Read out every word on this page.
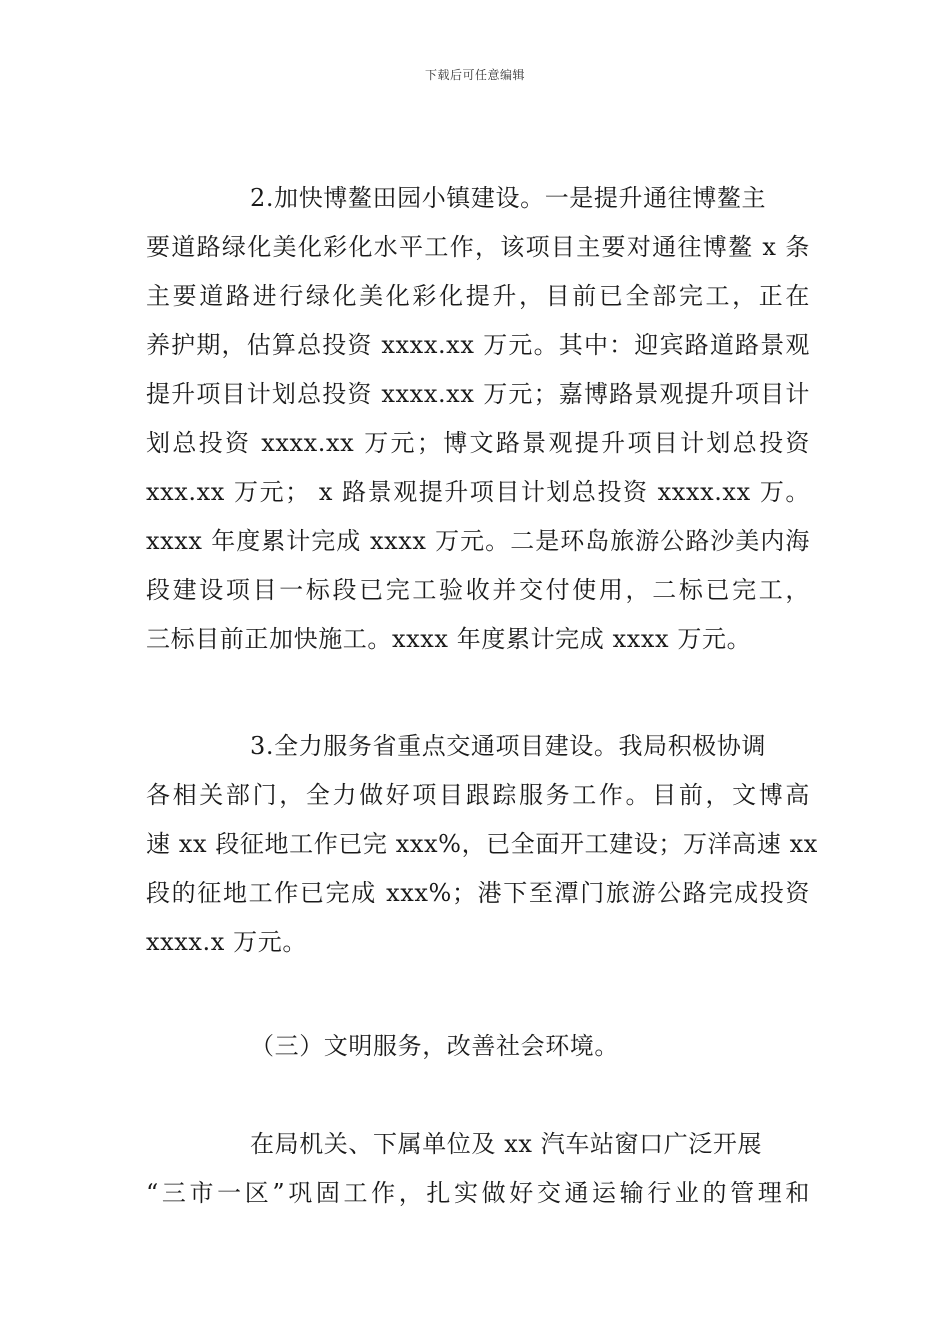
下载后可任意编辑
2.加快博鳌田园小镇建设。一是提升通往博鳌主
要道路绿化美化彩化水平工作，该项目主要对通往博鳌 x 条
主要道路进行绿化美化彩化提升，目前已全部完工，正在
养护期，估算总投资 xxxx.xx 万元。其中：迎宾路道路景观
提升项目计划总投资 xxxx.xx 万元；嘉博路景观提升项目计
划总投资 xxxx.xx 万元；博文路景观提升项目计划总投资
xxx.xx 万元； x 路景观提升项目计划总投资 xxxx.xx 万。
xxxx 年度累计完成 xxxx 万元。二是环岛旅游公路沙美内海
段建设项目一标段已完工验收并交付使用，二标已完工，
三标目前正加快施工。xxxx 年度累计完成 xxxx 万元。
3.全力服务省重点交通项目建设。我局积极协调
各相关部门，全力做好项目跟踪服务工作。目前，文博高
速 xx 段征地工作已完 xxx%，已全面开工建设；万洋高速 xx
段的征地工作已完成 xxx%；港下至潭门旅游公路完成投资
xxxx.x 万元。
（三）文明服务，改善社会环境。
在局机关、下属单位及 xx 汽车站窗口广泛开展
“三市一区”巩固工作，扎实做好交通运输行业的管理和
